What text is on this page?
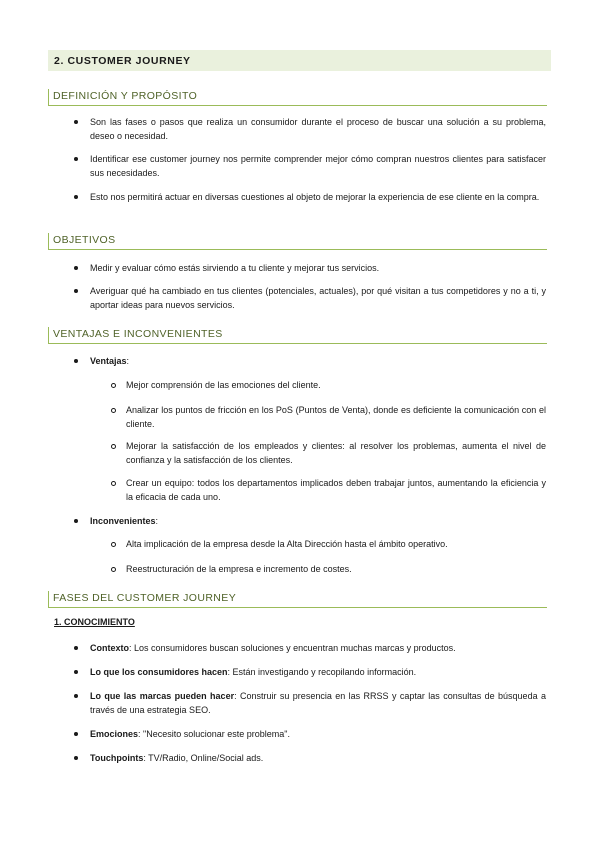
2. CUSTOMER JOURNEY
DEFINICIÓN Y PROPÓSITO
Son las fases o pasos que realiza un consumidor durante el proceso de buscar una solución a su problema, deseo o necesidad.
Identificar ese customer journey nos permite comprender mejor cómo compran nuestros clientes para satisfacer sus necesidades.
Esto nos permitirá actuar en diversas cuestiones al objeto de mejorar la experiencia de ese cliente en la compra.
OBJETIVOS
Medir y evaluar cómo estás sirviendo a tu cliente y mejorar tus servicios.
Averiguar qué ha cambiado en tus clientes (potenciales, actuales), por qué visitan a tus competidores y no a ti, y aportar ideas para nuevos servicios.
VENTAJAS E INCONVENIENTES
Ventajas:
Mejor comprensión de las emociones del cliente.
Analizar los puntos de fricción en los PoS (Puntos de Venta), donde es deficiente la comunicación con el cliente.
Mejorar la satisfacción de los empleados y clientes: al resolver los problemas, aumenta el nivel de confianza y la satisfacción de los clientes.
Crear un equipo: todos los departamentos implicados deben trabajar juntos, aumentando la eficiencia y la eficacia de cada uno.
Inconvenientes:
Alta implicación de la empresa desde la Alta Dirección hasta el ámbito operativo.
Reestructuración de la empresa e incremento de costes.
FASES DEL CUSTOMER JOURNEY
1. CONOCIMIENTO
Contexto: Los consumidores buscan soluciones y encuentran muchas marcas y productos.
Lo que los consumidores hacen: Están investigando y recopilando información.
Lo que las marcas pueden hacer: Construir su presencia en las RRSS y captar las consultas de búsqueda a través de una estrategia SEO.
Emociones: "Necesito solucionar este problema".
Touchpoints: TV/Radio, Online/Social ads.
